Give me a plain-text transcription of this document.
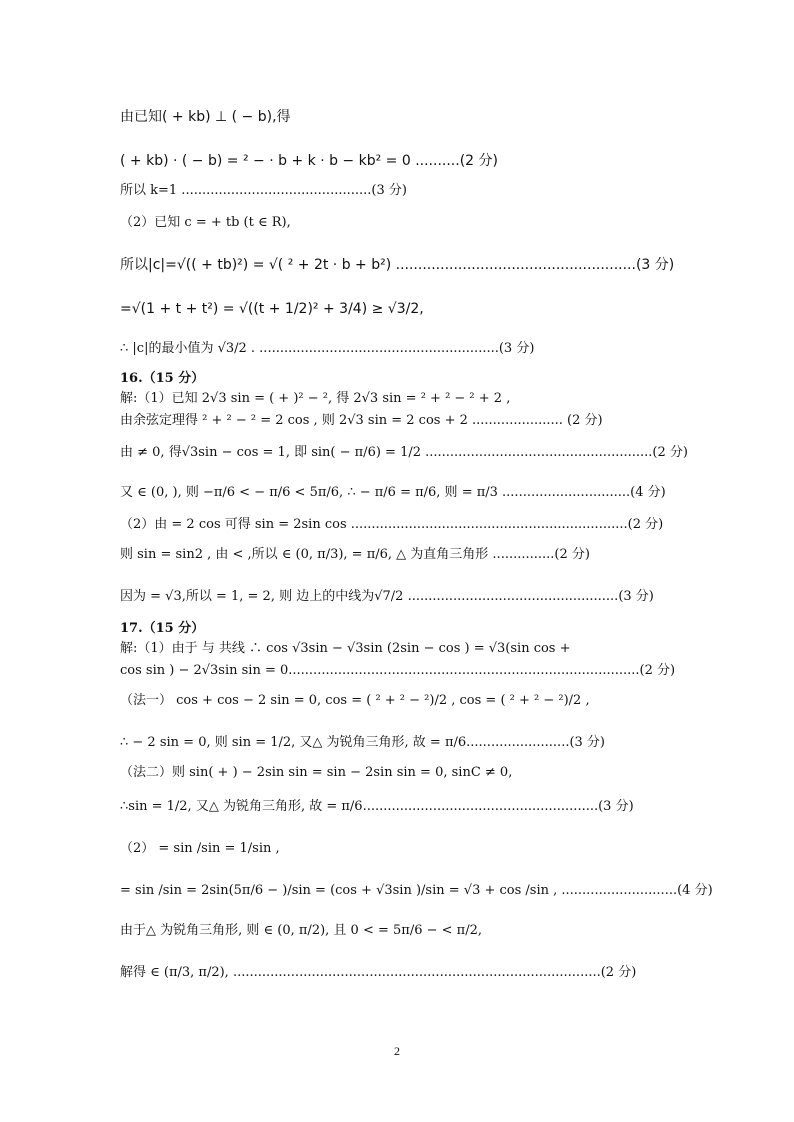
由已知( + kb) ⊥ ( − b),得
( + kb) · ( − b) = ² − · b + k · b − kb² = 0 ..........(2 分)
所以 k=1 ..............................................(3 分)
（2）已知 c = + tb (t ∈ R),
所以|c|=√(( + tb)²) = √( ² + 2t · b + b²) ......................................................(3 分)
=√(1 + t + t²) = √((t + 1/2)² + 3/4) ≥ √3/2,
∴ |c|的最小值为 √3/2 . ..........................................................(3 分)
16.（15 分）
解:（1）已知 2√3 sin = ( + )² − ², 得 2√3 sin = ² + ² − ² + 2 ,
由余弦定理得 ² + ² − ² = 2 cos , 则 2√3 sin = 2 cos + 2 ...................... (2 分)
由 ≠ 0, 得√3sin − cos = 1, 即 sin( − π/6) = 1/2 .......................................................(2 分)
又 ∈ (0, ), 则 −π/6 < − π/6 < 5π/6, ∴ − π/6 = π/6, 则 = π/3 ...............................(4 分)
（2）由 = 2 cos 可得 sin = 2sin cos ...................................................................(2 分)
则 sin = sin2 , 由 < ,所以 ∈ (0, π/3), = π/6, △ 为直角三角形 ...............(2 分)
因为 = √3,所以 = 1, = 2, 则 边上的中线为√7/2 ...................................................(3 分)
17.（15 分）
解:（1）由于 与 共线 ∴ cos √3sin − √3sin (2sin − cos ) = √3(sin cos +
cos sin ) − 2√3sin sin = 0.....................................................................................(2 分)
（法一） cos + cos − 2 sin = 0, cos = ( ² + ² − ²)/2 , cos = ( ² + ² − ²)/2 ,
∴ − 2 sin = 0, 则 sin = 1/2, 又△ 为锐角三角形, 故 = π/6.........................(3 分)
（法二）则 sin( + ) − 2sin sin = sin − 2sin sin = 0, sinC ≠ 0,
∴sin = 1/2, 又△ 为锐角三角形, 故 = π/6.........................................................(3 分)
（2） = sin /sin = 1/sin ,
= sin /sin = 2sin(5π/6 − )/sin = (cos + √3sin )/sin = √3 + cos /sin , ............................(4 分)
由于△ 为锐角三角形, 则 ∈ (0, π/2), 且 0 < = 5π/6 − < π/2,
解得 ∈ (π/3, π/2), .........................................................................................(2 分)
2
